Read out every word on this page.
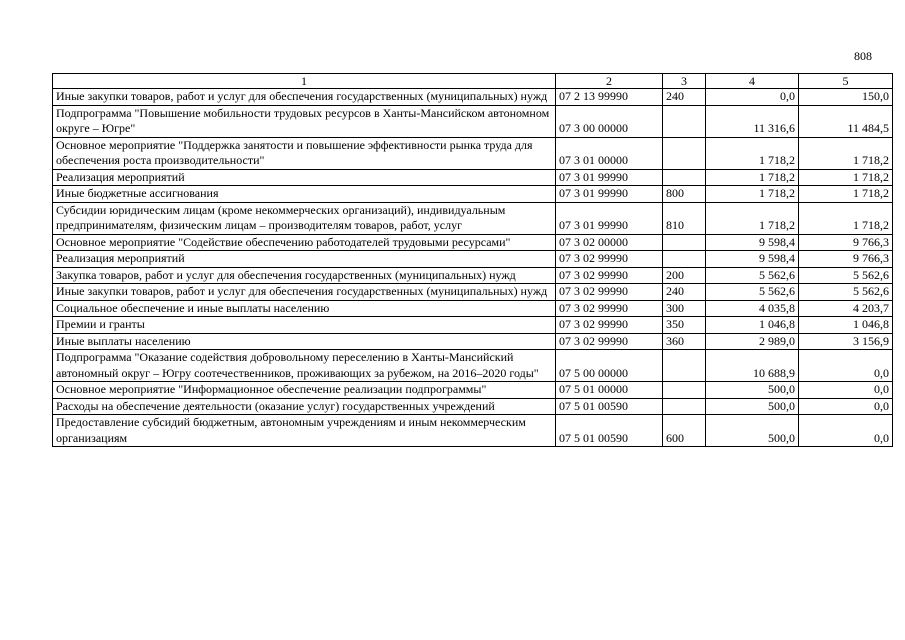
808
1	2	3	4	5
Иные закупки товаров, работ и услуг для обеспечения государственных (муниципальных) нужд	07 2 13 99990	240	0,0	150,0
Подпрограмма "Повышение мобильности трудовых ресурсов в Ханты-Мансийском автономном округе – Югре"	07 3 00 00000		11 316,6	11 484,5
Основное мероприятие "Поддержка занятости и повышение эффективности рынка труда для обеспечения роста производительности"	07 3 01 00000		1 718,2	1 718,2
Реализация мероприятий	07 3 01 99990		1 718,2	1 718,2
Иные бюджетные ассигнования	07 3 01 99990	800	1 718,2	1 718,2
Субсидии юридическим лицам (кроме некоммерческих организаций), индивидуальным предпринимателям, физическим лицам – производителям товаров, работ, услуг	07 3 01 99990	810	1 718,2	1 718,2
Основное мероприятие "Содействие обеспечению работодателей трудовыми ресурсами"	07 3 02 00000		9 598,4	9 766,3
Реализация мероприятий	07 3 02 99990		9 598,4	9 766,3
Закупка товаров, работ и услуг для обеспечения государственных (муниципальных) нужд	07 3 02 99990	200	5 562,6	5 562,6
Иные закупки товаров, работ и услуг для обеспечения государственных (муниципальных) нужд	07 3 02 99990	240	5 562,6	5 562,6
Социальное обеспечение и иные выплаты населению	07 3 02 99990	300	4 035,8	4 203,7
Премии и гранты	07 3 02 99990	350	1 046,8	1 046,8
Иные выплаты населению	07 3 02 99990	360	2 989,0	3 156,9
Подпрограмма "Оказание содействия добровольному переселению в Ханты-Мансийский автономный округ – Югру соотечественников, проживающих за рубежом, на 2016–2020 годы"	07 5 00 00000		10 688,9	0,0
Основное мероприятие "Информационное обеспечение реализации подпрограммы"	07 5 01 00000		500,0	0,0
Расходы на обеспечение деятельности (оказание услуг) государственных учреждений	07 5 01 00590		500,0	0,0
Предоставление субсидий бюджетным, автономным учреждениям и иным некоммерческим организациям	07 5 01 00590	600	500,0	0,0
